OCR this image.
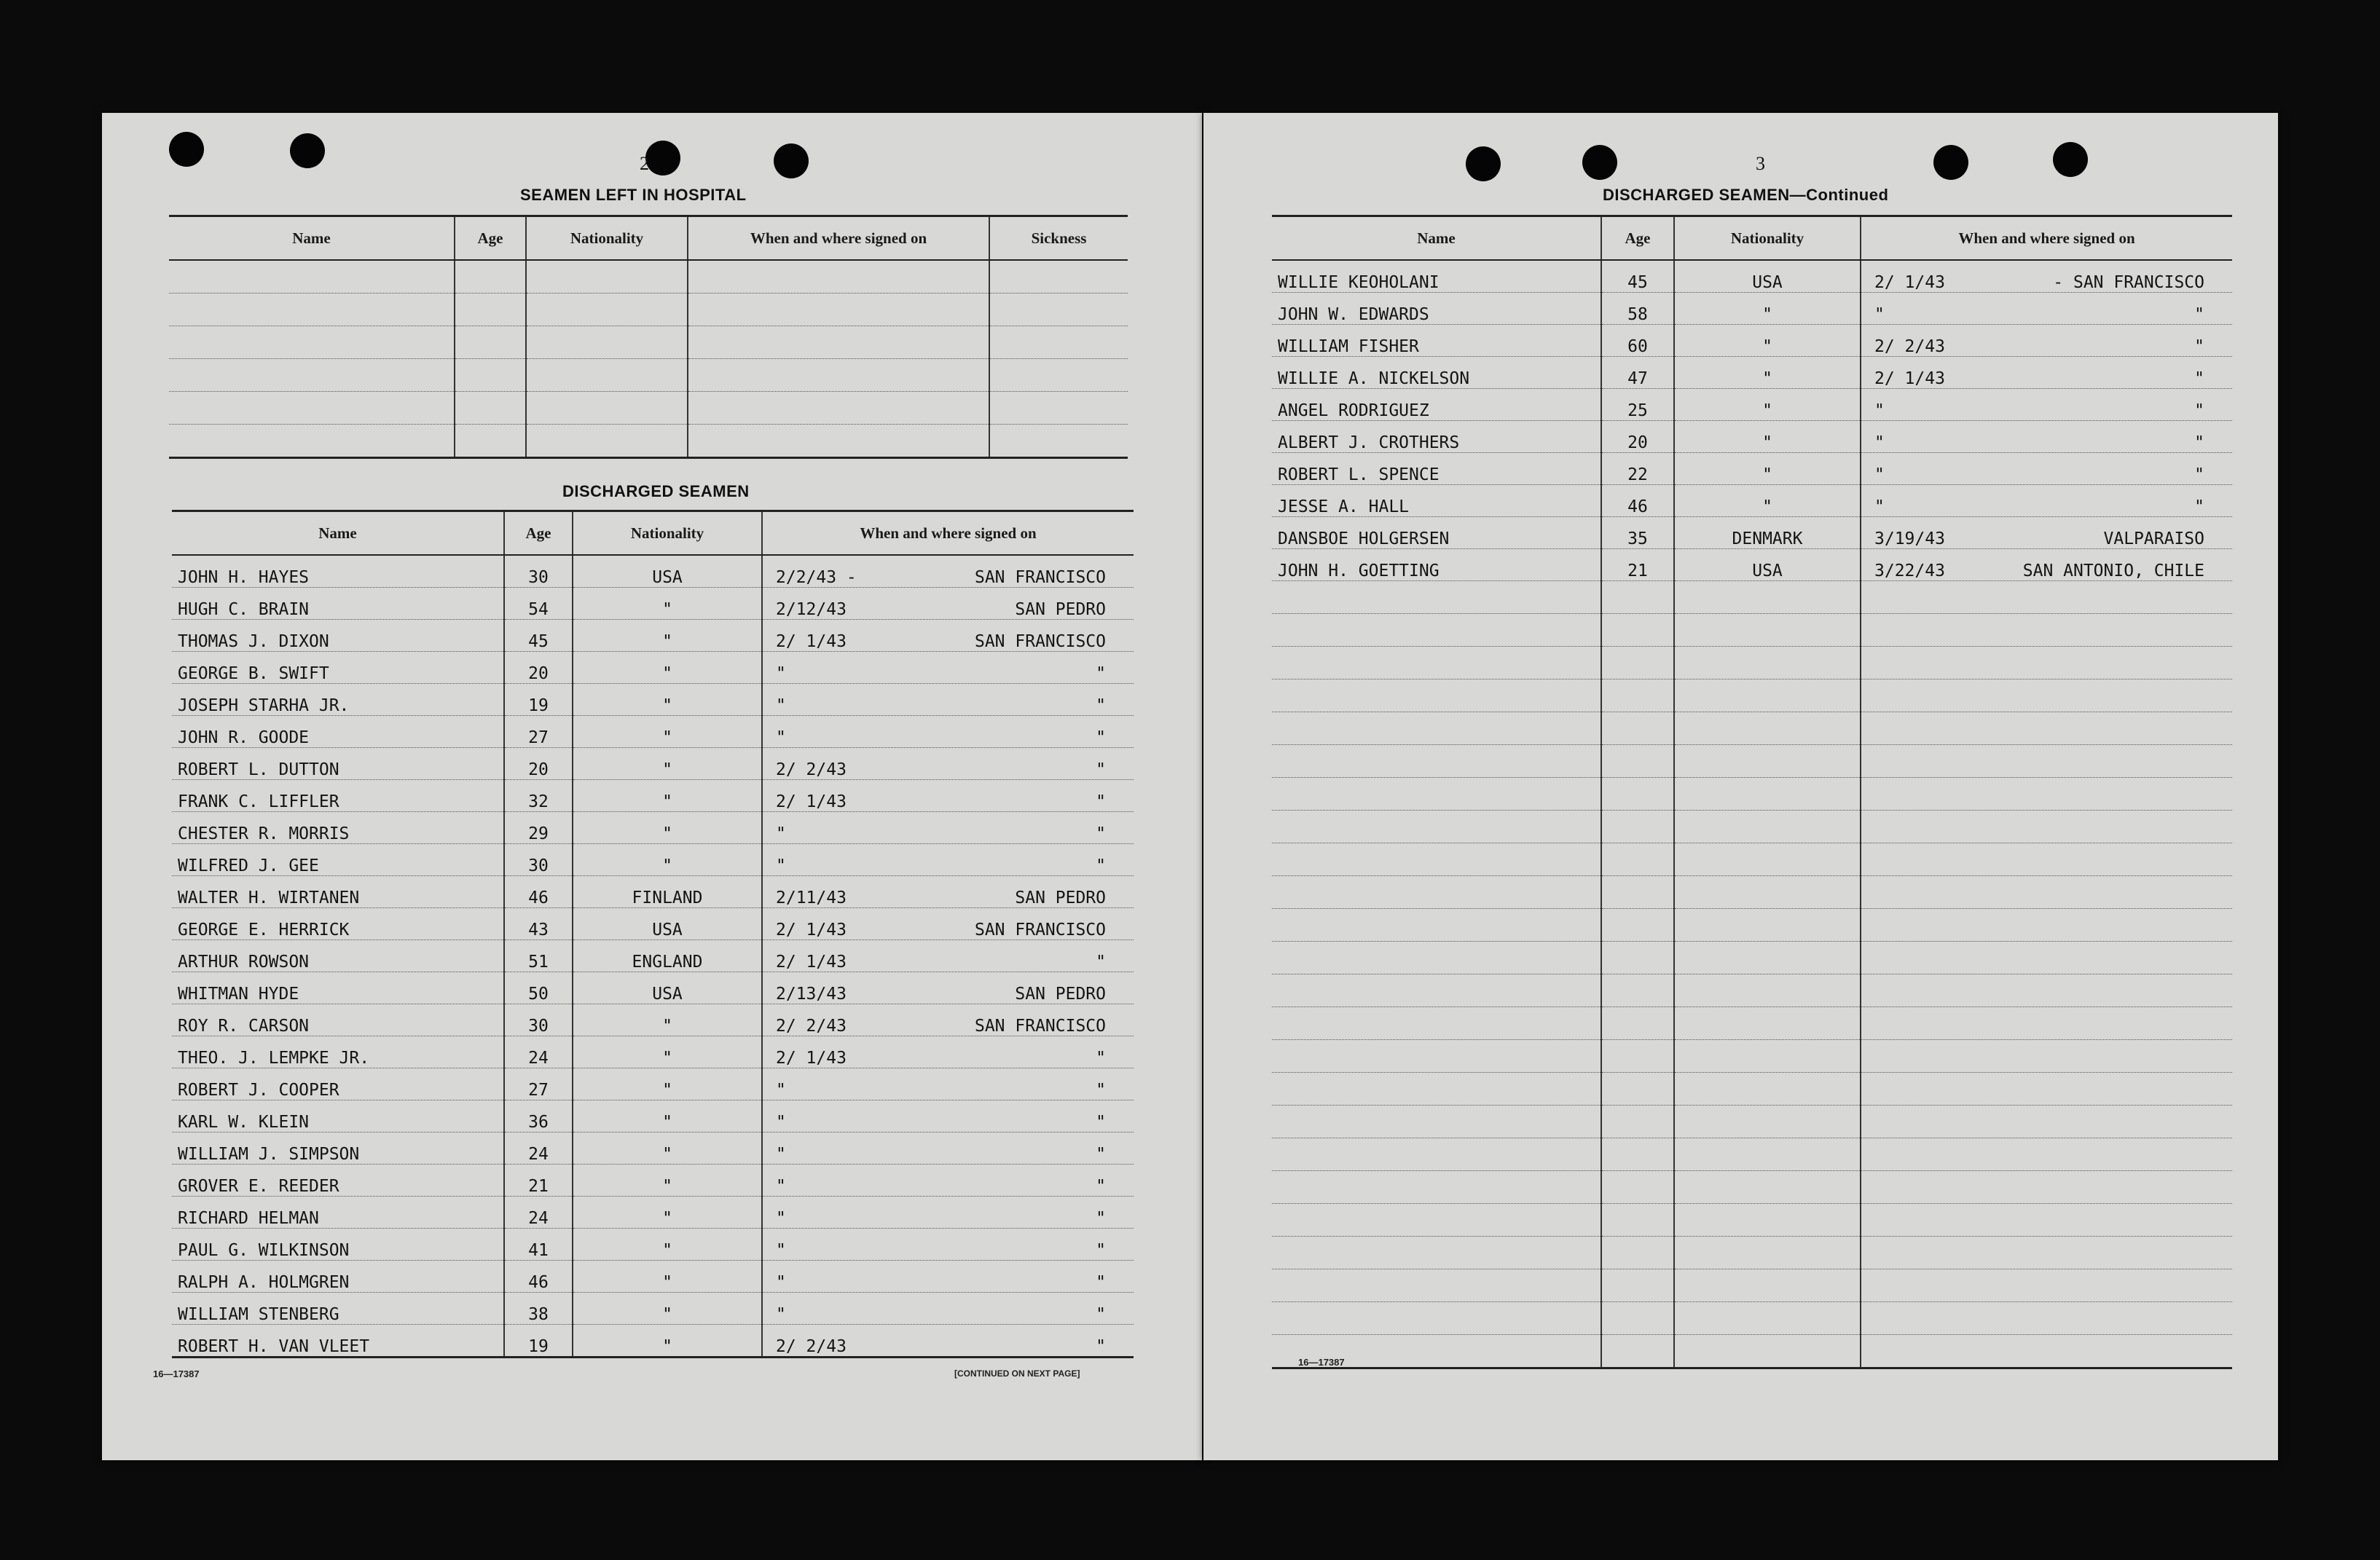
2
SEAMEN LEFT IN HOSPITAL
Name	Age	Nationality	When and where signed on	Sickness

DISCHARGED SEAMEN
Name	Age	Nationality	When and where signed on
JOHN H. HAYES	30	USA	2/2/43 - SAN FRANCISCO

HUGH C. BRAIN	54	"	2/12/43 SAN PEDRO

THOMAS J. DIXON	45	"	2/ 1/43 SAN FRANCISCO

GEORGE B. SWIFT	20	"	" "

JOSEPH STARHA JR.	19	"	" "

JOHN R. GOODE	27	"	" "

ROBERT L. DUTTON	20	"	2/ 2/43 "

FRANK C. LIFFLER	32	"	2/ 1/43 "

CHESTER R. MORRIS	29	"	" "

WILFRED J. GEE	30	"	" "

WALTER H. WIRTANEN	46	FINLAND	2/11/43 SAN PEDRO

GEORGE E. HERRICK	43	USA	2/ 1/43 SAN FRANCISCO

ARTHUR ROWSON	51	ENGLAND	2/ 1/43 "

WHITMAN HYDE	50	USA	2/13/43 SAN PEDRO

ROY R. CARSON	30	"	2/ 2/43 SAN FRANCISCO

THEO. J. LEMPKE JR.	24	"	2/ 1/43 "

ROBERT J. COOPER	27	"	" "

KARL W. KLEIN	36	"	" "

WILLIAM J. SIMPSON	24	"	" "

GROVER E. REEDER	21	"	" "

RICHARD HELMAN	24	"	" "

PAUL G. WILKINSON	41	"	" "

RALPH A. HOLMGREN	46	"	" "

WILLIAM STENBERG	38	"	" "

ROBERT H. VAN VLEET	19	"	2/ 2/43 "
16—17387	[CONTINUED ON NEXT PAGE]
3
DISCHARGED SEAMEN—Continued
Name	Age	Nationality	When and where signed on
WILLIE KEOHOLANI	45	USA	2/ 1/43 - SAN FRANCISCO

JOHN W. EDWARDS	58	"	" "

WILLIAM FISHER	60	"	2/ 2/43 "

WILLIE A. NICKELSON	47	"	2/ 1/43 "

ANGEL RODRIGUEZ	25	"	" "

ALBERT J. CROTHERS	20	"	" "

ROBERT L. SPENCE	22	"	" "

JESSE A. HALL	46	"	" "

DANSBOE HOLGERSEN	35	DENMARK	3/19/43 VALPARAISO

JOHN H. GOETTING	21	USA	3/22/43 SAN ANTONIO, CHILE

16—17387
